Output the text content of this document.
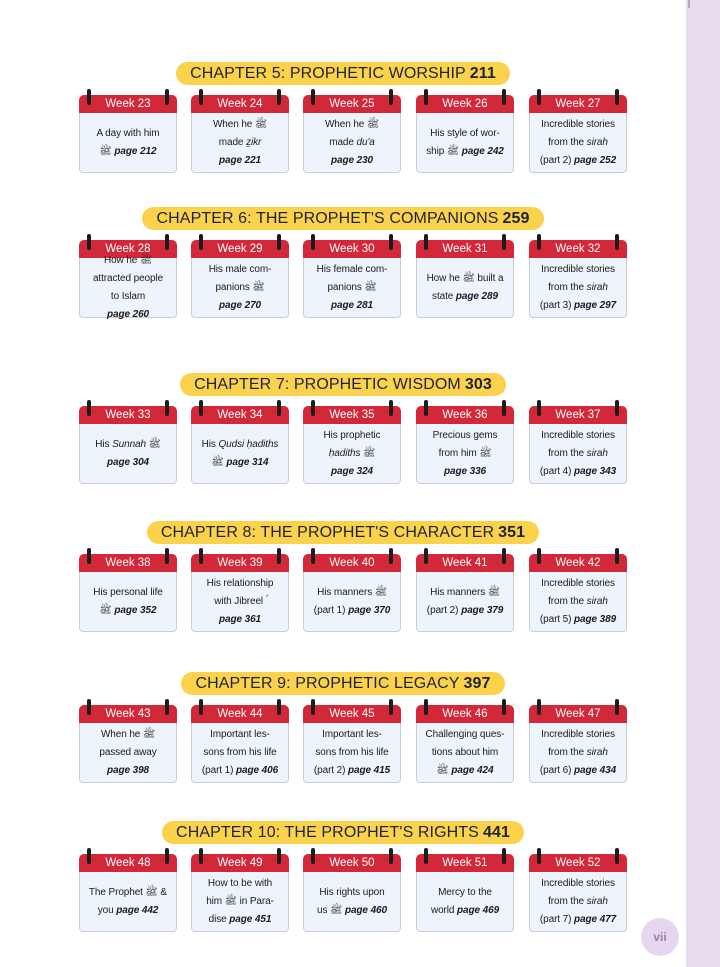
CHAPTER 5: PROPHETIC WORSHIP 211
Week 23
A day with him
ﷺ page 212
Week 24
When he ﷺ
made ẕikr
page 221
Week 25
When he ﷺ
made du'a
page 230
Week 26
His style of wor-
ship ﷺ page 242
Week 27
Incredible stories
from the sirah
(part 2) page 252
CHAPTER 6: THE PROPHET'S COMPANIONS 259
Week 28
How he ﷺ
attracted people
to Islam
page 260
Week 29
His male com-
panions ﷺ
page 270
Week 30
His female com-
panions ﷺ
page 281
Week 31
How he ﷺ built a
state page 289
Week 32
Incredible stories
from the sirah
(part 3) page 297
CHAPTER 7: PROPHETIC WISDOM 303
Week 33
His Sunnah ﷺ
page 304
Week 34
His Qudsi ḥadiths
ﷺ page 314
Week 35
His prophetic
ḥadiths ﷺ
page 324
Week 36
Precious gems
from him ﷺ
page 336
Week 37
Incredible stories
from the sirah
(part 4) page 343
CHAPTER 8: THE PROPHET'S CHARACTER 351
Week 38
His personal life
ﷺ page 352
Week 39
His relationship
with Jibreel ؑ
page 361
Week 40
His manners ﷺ
(part 1) page 370
Week 41
His manners ﷺ
(part 2) page 379
Week 42
Incredible stories
from the sirah
(part 5) page 389
CHAPTER 9: PROPHETIC LEGACY 397
Week 43
When he ﷺ
passed away
page 398
Week 44
Important les-
sons from his life
(part 1) page 406
Week 45
Important les-
sons from his life
(part 2) page 415
Week 46
Challenging ques-
tions about him
ﷺ page 424
Week 47
Incredible stories
from the sirah
(part 6) page 434
CHAPTER 10: THE PROPHET'S RIGHTS 441
Week 48
The Prophet ﷺ &
you page 442
Week 49
How to be with
him ﷺ in Para-
dise page 451
Week 50
His rights upon
us ﷺ page 460
Week 51
Mercy to the
world page 469
Week 52
Incredible stories
from the sirah
(part 7) page 477
vii
